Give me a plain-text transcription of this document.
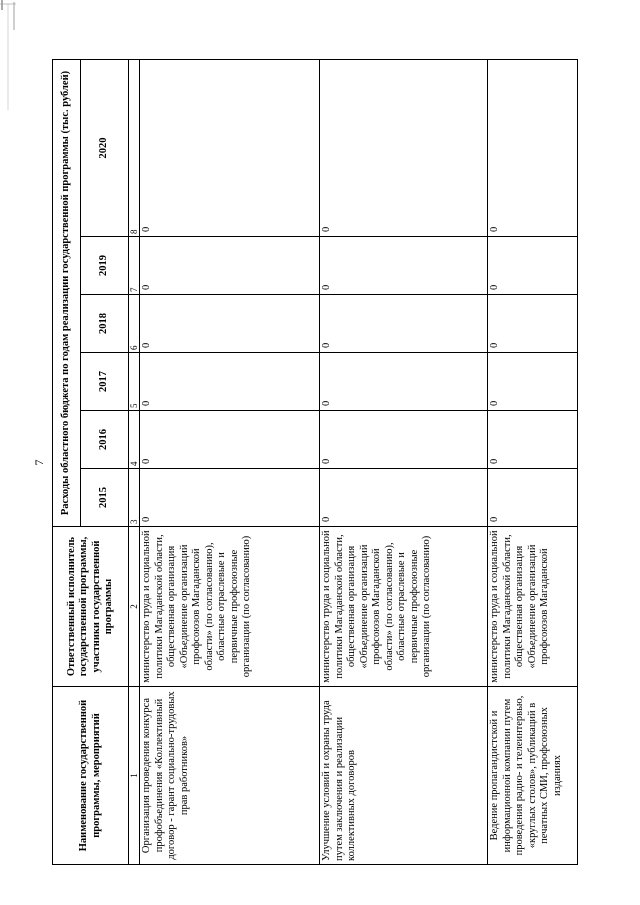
7
Наименование государственной программы, мероприятий	Ответственный исполнитель государственной программы, участники государственной программы	Расходы областного бюджета по годам реализации государственной программы (тыс. рублей)					
		2015	2016	2017	2018	2019	2020
1	2	3	4	5	6	7	8
Организация проведения конкурса профобъединения «Коллективный договор - гарант социально-трудовых прав работников»	министерство труда и социальной политики Магаданской области, общественная организация «Объединение организаций профсоюзов Магаданской области» (по согласованию), областные отраслевые и первичные профсоюзные организации (по согласованию)	0	0	0	0	0	0
Улучшение условий и охраны труда путем заключения и реализации коллективных договоров	министерство труда и социальной политики Магаданской области, общественная организация «Объединение организаций профсоюзов Магаданской области» (по согласованию), областные отраслевые и первичные профсоюзные организации (по согласованию)	0	0	0	0	0	0
Ведение пропагандистской и информационной компании путем проведения радио- и телеинтервью, «круглых столов», публикаций в печатных СМИ, профсоюзных изданиях	министерство труда и социальной политики Магаданской области, общественная организация «Объединение организаций профсоюзов Магаданской	0	0	0	0	0	0
